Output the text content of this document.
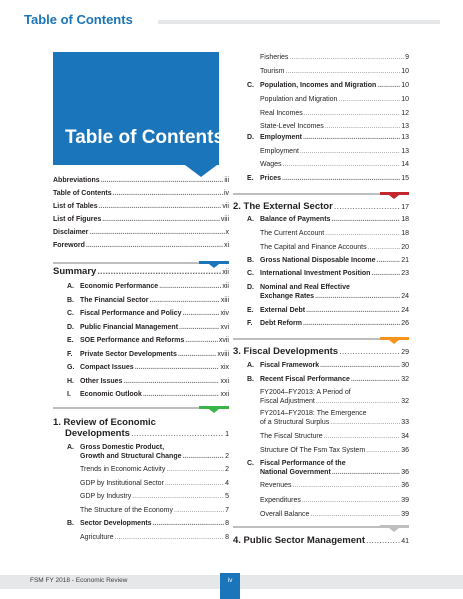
Table of Contents
Table of Contents
Abbreviations .....	iii
Table of Contents .....	iv
List of Tables .....	vii
List of Figures .....	viii
Disclaimer .....	x
Foreword .....	xi
Summary .....	xii
A. Economic Performance .....	xii
B. The Financial Sector .....	xiii
C. Fiscal Performance and Policy .....	xiv
D. Public Financial Management .....	xvi
E. SOE Performance and Reforms .....	xvii
F. Private Sector Developments .....	xviii
G. Compact Issues .....	xix
H. Other Issues .....	xxi
I. Economic Outlook .....	xxi
1. Review of Economic
Developments .....	1
A. Gross Domestic Product,
Growth and Structural Change .....	2
Trends in Economic Activity .....	2
GDP by Institutional Sector .....	4
GDP by Industry .....	5
The Structure of the Economy .....	7
B. Sector Developments .....	8
Agriculture .....	8
Fisheries .....	9
Tourism .....	10
C. Population, Incomes and Migration .....	10
Population and Migration .....	10
Real Incomes .....	12
State-Level Incomes .....	13
D. Employment .....	13
Employment .....	13
Wages .....	14
E. Prices .....	15
2. The External Sector .....	17
A. Balance of Payments .....	18
The Current Account .....	18
The Capital and Finance Accounts .....	20
B. Gross National Disposable Income .....	21
C. International Investment Position .....	23
D. Nominal and Real Effective
Exchange Rates .....	24
E. External Debt .....	24
F. Debt Reform .....	26
3. Fiscal Developments .....	29
A. Fiscal Framework .....	30
B. Recent Fiscal Performance .....	32
FY2004–FY2013: A Period of
Fiscal Adjustment .....	32
FY2014–FY2018: The Emergence
of a Structural Surplus .....	33
The Fiscal Structure .....	34
Structure Of The Fsm Tax System .....	36
C. Fiscal Performance of the
National Government .....	36
Revenues .....	36
Expenditures .....	39
Overall Balance .....	39
4. Public Sector Management .....	41
FSM FY 2018 - Economic Review	iv
